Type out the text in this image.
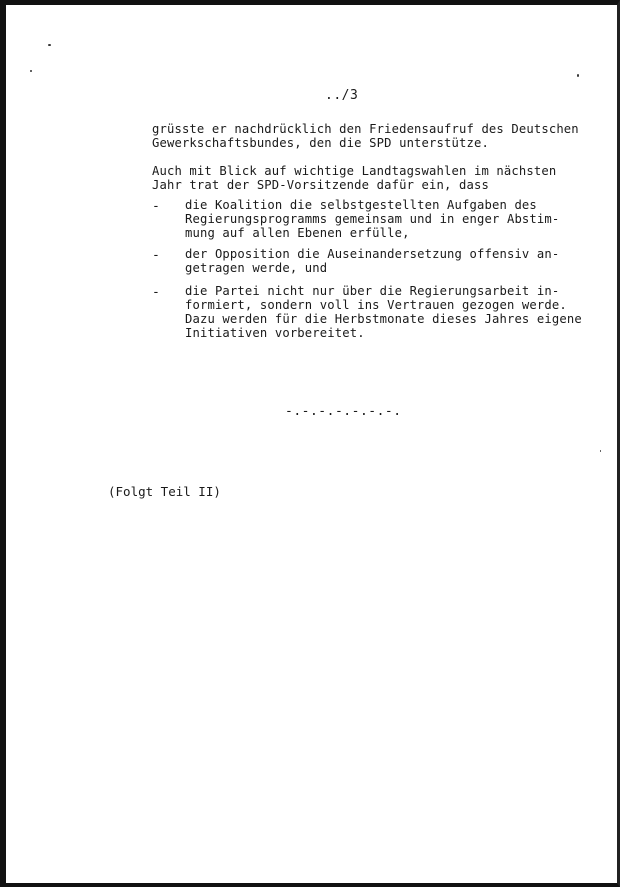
../3
grüsste er nachdrücklich den Friedensaufruf des Deutschen
Gewerkschaftsbundes, den die SPD unterstütze.
Auch mit Blick auf wichtige Landtagswahlen im nächsten
Jahr trat der SPD-Vorsitzende dafür ein, dass
- die Koalition die selbstgestellten Aufgaben des
Regierungsprogramms gemeinsam und in enger Abstim-
mung auf allen Ebenen erfülle,
- der Opposition die Auseinandersetzung offensiv an-
getragen werde, und
- die Partei nicht nur über die Regierungsarbeit in-
formiert, sondern voll ins Vertrauen gezogen werde.
Dazu werden für die Herbstmonate dieses Jahres eigene
Initiativen vorbereitet.
-.-.-.-.-.-.-.
(Folgt Teil II)
